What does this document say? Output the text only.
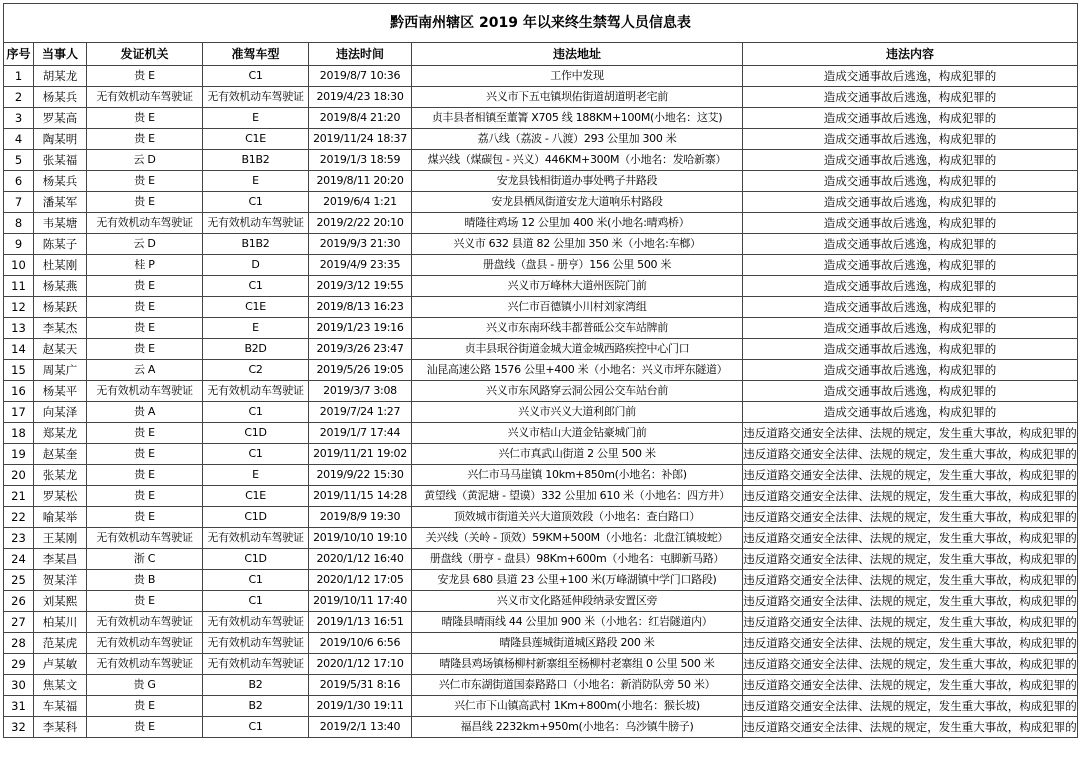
黔西南州辖区 2019 年以来终生禁驾人员信息表						
序号	当事人	发证机关	准驾车型	违法时间	违法地址	违法内容
1	胡某龙	贵 E	C1	2019/8/7 10:36	工作中发现	造成交通事故后逃逸，构成犯罪的
2	杨某兵	无有效机动车驾驶证	无有效机动车驾驶证	2019/4/23 18:30	兴义市下五屯镇坝佑街道胡道明老宅前	造成交通事故后逃逸，构成犯罪的
3	罗某高	贵 E	E	2019/8/4 21:20	贞丰县者相镇至董箐 X705 线 188KM+100M(小地名：这艾)	造成交通事故后逃逸，构成犯罪的
4	陶某明	贵 E	C1E	2019/11/24 18:37	荔八线（荔波 - 八渡）293 公里加 300 米	造成交通事故后逃逸，构成犯罪的
5	张某福	云 D	B1B2	2019/1/3 18:59	煤兴线（煤碳包 - 兴义）446KM+300M（小地名：发哈新寨）	造成交通事故后逃逸，构成犯罪的
6	杨某兵	贵 E	E	2019/8/11 20:20	安龙县钱相街道办事处鸭子井路段	造成交通事故后逃逸，构成犯罪的
7	潘某军	贵 E	C1	2019/6/4 1:21	安龙县栖凤街道安龙大道响乐村路段	造成交通事故后逃逸，构成犯罪的
8	韦某塘	无有效机动车驾驶证	无有效机动车驾驶证	2019/2/22 20:10	晴隆往鸡场 12 公里加 400 米(小地名:晴鸡桥）	造成交通事故后逃逸，构成犯罪的
9	陈某子	云 D	B1B2	2019/9/3 21:30	兴义市 632 县道 82 公里加 350 米（小地名:车榔）	造成交通事故后逃逸，构成犯罪的
10	杜某刚	桂 P	D	2019/4/9 23:35	册盘线（盘县 - 册亨）156 公里 500 米	造成交通事故后逃逸，构成犯罪的
11	杨某燕	贵 E	C1	2019/3/12 19:55	兴义市万峰林大道州医院门前	造成交通事故后逃逸，构成犯罪的
12	杨某跃	贵 E	C1E	2019/8/13 16:23	兴仁市百德镇小川村刘家湾组	造成交通事故后逃逸，构成犯罪的
13	李某杰	贵 E	E	2019/1/23 19:16	兴义市东南环线丰都普砥公交车站牌前	造成交通事故后逃逸，构成犯罪的
14	赵某天	贵 E	B2D	2019/3/26 23:47	贞丰县珉谷街道金城大道金城西路疾控中心门口	造成交通事故后逃逸，构成犯罪的
15	周某广	云 A	C2	2019/5/26 19:05	汕昆高速公路 1576 公里+400 米（小地名：兴义市坪东隧道）	造成交通事故后逃逸，构成犯罪的
16	杨某平	无有效机动车驾驶证	无有效机动车驾驶证	2019/3/7 3:08	兴义市东风路穿云洞公园公交车站台前	造成交通事故后逃逸，构成犯罪的
17	向某泽	贵 A	C1	2019/7/24 1:27	兴义市兴义大道利郎门前	造成交通事故后逃逸，构成犯罪的
18	郑某龙	贵 E	C1D	2019/1/7 17:44	兴义市桔山大道金钻豪城门前	违反道路交通安全法律、法规的规定，发生重大事故，构成犯罪的
19	赵某奎	贵 E	C1	2019/11/21 19:02	兴仁市真武山街道 2 公里 500 米	违反道路交通安全法律、法规的规定，发生重大事故，构成犯罪的
20	张某龙	贵 E	E	2019/9/22 15:30	兴仁市马马崖镇 10km+850m(小地名：补郎)	违反道路交通安全法律、法规的规定，发生重大事故，构成犯罪的
21	罗某松	贵 E	C1E	2019/11/15 14:28	黄望线（黄泥塘 - 望谟）332 公里加 610 米（小地名：四方井）	违反道路交通安全法律、法规的规定，发生重大事故，构成犯罪的
22	喻某举	贵 E	C1D	2019/8/9 19:30	顶效城市街道关兴大道顶效段（小地名：查白路口）	违反道路交通安全法律、法规的规定，发生重大事故，构成犯罪的
23	王某刚	无有效机动车驾驶证	无有效机动车驾驶证	2019/10/10 19:10	关兴线（关岭 - 顶效）59KM+500M（小地名：北盘江镇坡蛇）	违反道路交通安全法律、法规的规定，发生重大事故，构成犯罪的
24	李某昌	浙 C	C1D	2020/1/12 16:40	册盘线（册亨 - 盘县）98Km+600m（小地名：屯脚新马路）	违反道路交通安全法律、法规的规定，发生重大事故，构成犯罪的
25	贺某洋	贵 B	C1	2020/1/12 17:05	安龙县 680 县道 23 公里+100 米(万峰湖镇中学门口路段)	违反道路交通安全法律、法规的规定，发生重大事故，构成犯罪的
26	刘某熙	贵 E	C1	2019/10/11 17:40	兴义市文化路延伸段纳录安置区旁	违反道路交通安全法律、法规的规定，发生重大事故，构成犯罪的
27	柏某川	无有效机动车驾驶证	无有效机动车驾驶证	2019/1/13 16:51	晴隆县晴雨线 44 公里加 900 米（小地名：红岩隧道内）	违反道路交通安全法律、法规的规定，发生重大事故，构成犯罪的
28	范某虎	无有效机动车驾驶证	无有效机动车驾驶证	2019/10/6 6:56	晴隆县莲城街道城区路段 200 米	违反道路交通安全法律、法规的规定，发生重大事故，构成犯罪的
29	卢某敏	无有效机动车驾驶证	无有效机动车驾驶证	2020/1/12 17:10	晴隆县鸡场镇杨柳村新寨组至杨柳村老寨组 0 公里 500 米	违反道路交通安全法律、法规的规定，发生重大事故，构成犯罪的
30	焦某文	贵 G	B2	2019/5/31 8:16	兴仁市东湖街道国泰路路口（小地名：新消防队旁 50 米）	违反道路交通安全法律、法规的规定，发生重大事故，构成犯罪的
31	车某福	贵 E	B2	2019/1/30 19:11	兴仁市下山镇高武村 1Km+800m(小地名：猴长坡)	违反道路交通安全法律、法规的规定，发生重大事故，构成犯罪的
32	李某科	贵 E	C1	2019/2/1 13:40	福昌线 2232km+950m(小地名：乌沙镇牛膀子)	违反道路交通安全法律、法规的规定，发生重大事故，构成犯罪的
